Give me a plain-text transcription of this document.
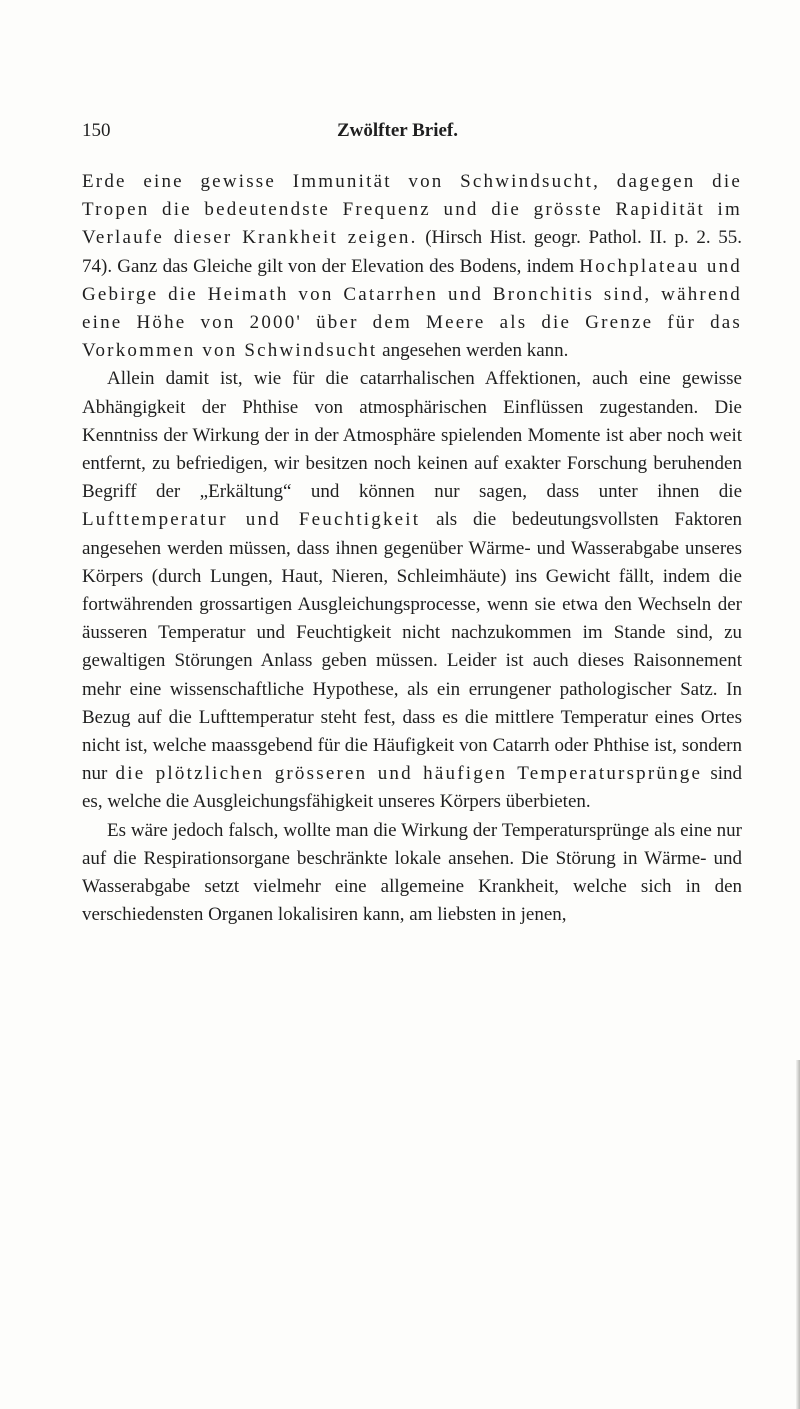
150	Zwölfter Brief.

Erde eine gewisse Immunität von Schwindsucht, dagegen die Tropen die bedeutendste Frequenz und die grösste Rapidität im Verlaufe dieser Krankheit zeigen. (Hirsch Hist. geogr. Pathol. II. p. 2. 55. 74). Ganz das Gleiche gilt von der Elevation des Bodens, indem Hochplateau und Gebirge die Heimath von Catarrhen und Bronchitis sind, während eine Höhe von 2000' über dem Meere als die Grenze für das Vorkommen von Schwindsucht angesehen werden kann.

Allein damit ist, wie für die catarrhalischen Affektionen, auch eine gewisse Abhängigkeit der Phthise von atmosphärischen Einflüssen zugestanden. Die Kenntniss der Wirkung der in der Atmosphäre spielenden Momente ist aber noch weit entfernt, zu befriedigen, wir besitzen noch keinen auf exakter Forschung beruhenden Begriff der „Erkältung“ und können nur sagen, dass unter ihnen die Lufttemperatur und Feuchtigkeit als die bedeutungsvollsten Faktoren angesehen werden müssen, dass ihnen gegenüber Wärme- und Wasserabgabe unseres Körpers (durch Lungen, Haut, Nieren, Schleimhäute) ins Gewicht fällt, indem die fortwährenden grossartigen Ausgleichungsprocesse, wenn sie etwa den Wechseln der äusseren Temperatur und Feuchtigkeit nicht nachzukommen im Stande sind, zu gewaltigen Störungen Anlass geben müssen. Leider ist auch dieses Raisonnement mehr eine wissenschaftliche Hypothese, als ein errungener pathologischer Satz. In Bezug auf die Lufttemperatur steht fest, dass es die mittlere Temperatur eines Ortes nicht ist, welche maassgebend für die Häufigkeit von Catarrh oder Phthise ist, sondern nur die plötzlichen grösseren und häufigen Temperatursprünge sind es, welche die Ausgleichungsfähigkeit unseres Körpers überbieten.

Es wäre jedoch falsch, wollte man die Wirkung der Temperatursprünge als eine nur auf die Respirationsorgane beschränkte lokale ansehen. Die Störung in Wärme- und Wasserabgabe setzt vielmehr eine allgemeine Krankheit, welche sich in den verschiedensten Organen lokalisiren kann, am liebsten in jenen,
